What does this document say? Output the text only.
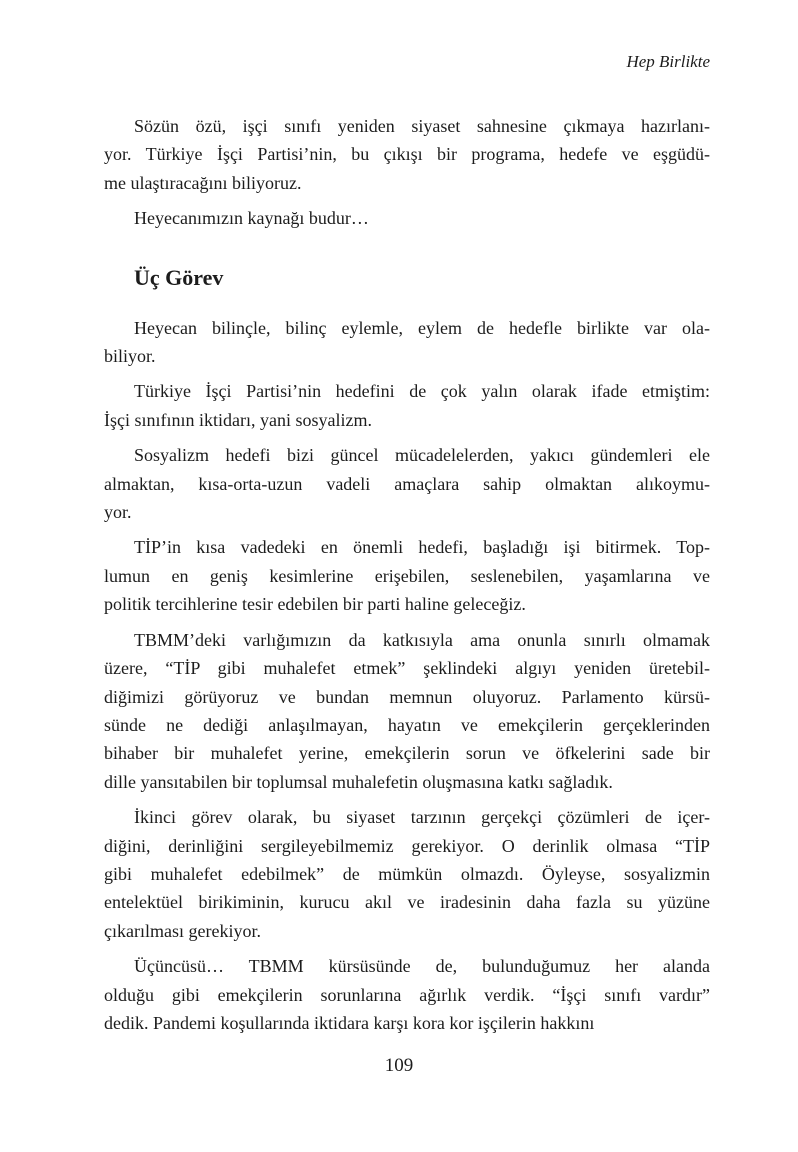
Hep Birlikte
Sözün özü, işçi sınıfı yeniden siyaset sahnesine çıkmaya hazırlanı-
yor. Türkiye İşçi Partisi’nin, bu çıkışı bir programa, hedefe ve eşgüdü-
me ulaştıracağını biliyoruz.
Heyecanımızın kaynağı budur…
Üç Görev
Heyecan bilinçle, bilinç eylemle, eylem de hedefle birlikte var ola-
biliyor.
Türkiye İşçi Partisi’nin hedefini de çok yalın olarak ifade etmiştim:
İşçi sınıfının iktidarı, yani sosyalizm.
Sosyalizm hedefi bizi güncel mücadelelerden, yakıcı gündemleri ele
almaktan, kısa-orta-uzun vadeli amaçlara sahip olmaktan alıkoymu-
yor.
TİP’in kısa vadedeki en önemli hedefi, başladığı işi bitirmek. Top-
lumun en geniş kesimlerine erişebilen, seslenebilen, yaşamlarına ve
politik tercihlerine tesir edebilen bir parti haline geleceğiz.
TBMM’deki varlığımızın da katkısıyla ama onunla sınırlı olmamak
üzere, “TİP gibi muhalefet etmek” şeklindeki algıyı yeniden üretebil-
diğimizi görüyoruz ve bundan memnun oluyoruz. Parlamento kürsü-
sünde ne dediği anlaşılmayan, hayatın ve emekçilerin gerçeklerinden
bihaber bir muhalefet yerine, emekçilerin sorun ve öfkelerini sade bir
dille yansıtabilen bir toplumsal muhalefetin oluşmasına katkı sağladık.
İkinci görev olarak, bu siyaset tarzının gerçekçi çözümleri de içer-
diğini, derinliğini sergileyebilmemiz gerekiyor. O derinlik olmasa “TİP
gibi muhalefet edebilmek” de mümkün olmazdı. Öyleyse, sosyalizmin
entelektüel birikiminin, kurucu akıl ve iradesinin daha fazla su yüzüne
çıkarılması gerekiyor.
Üçüncüsü… TBMM kürsüsünde de, bulunduğumuz her alanda
olduğu gibi emekçilerin sorunlarına ağırlık verdik. “İşçi sınıfı vardır”
dedik. Pandemi koşullarında iktidara karşı kora kor işçilerin hakkını
109
